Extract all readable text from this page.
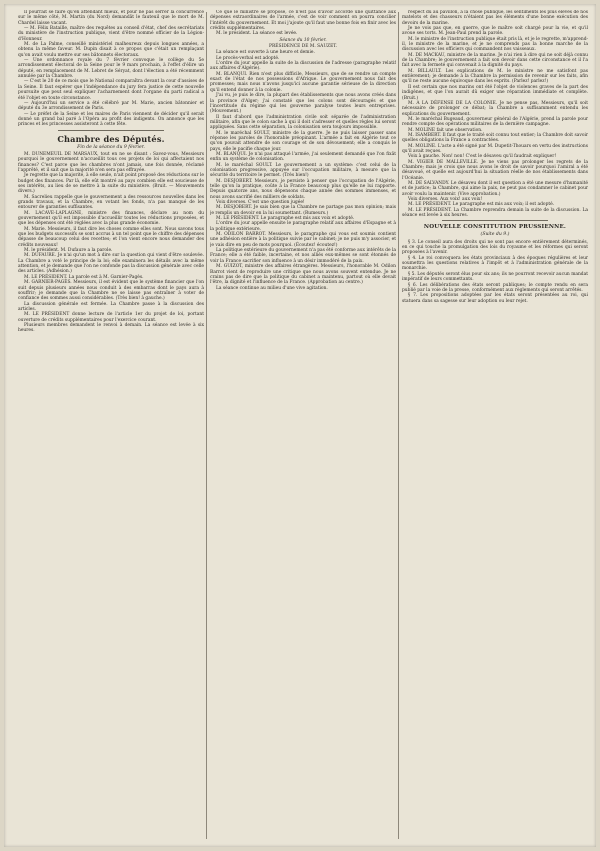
Il pourrait se faire qu'en attendant mieux, et pour ne pas serrer la concurrence sur le même côté, M. Martin (du Nord) demandât le fauteuil que le mort de M. Chardel laisse vacant.

— M. Félix Bataille, maître des requêtes au conseil d'état, chef des secrétariats du ministère de l'instruction publique, vient d'être nommé officier de la Légion-d'Honneur.

M. de La Palme, conseillé ministériel malheureux depuis longues années, a obtenu la même faveur. M. Dupin disait à ce propos que c'était un remplaçant qu'on avait voulu mettre sur ses bâtonnets électoraux.

— Une ordonnance royale du 7 février convoque le collège du 5e arrondissement électoral de la Seine pour le 9 mars prochain, à l'effet d'élire un député, en remplacement de M. Lebret de Séryat, dont l'élection a été récemment annulée par la Chambre.

— C'est le 20 de ce mois que le National comparaîtra devant la cour d'assises de la Seine. Il faut espérer que l'indépendance du jury fera justice de cette nouvelle poursuite que peut seul expliquer l'acharnement dont l'organe du parti radical a été l'objet en toute circonstance.

— Aujourd'hui un service a été célébré par M. Marie, ancien bâtonnier et député du 3e arrondissement de Paris.

— Le préfet de la Seine et les maires de Paris viennent de décider qu'il serait donné un grand bal paré à l'Opéra au profit des indigents. On annonce que les princes et les princesses assisteront à cette fête.

Chambre des Députés.
Fin de la séance du 9 février.

M. DUNEMEUIL DE MARSAUX, tout en ne se disant : Savez-vous, Messieurs pourquoi le gouvernement n'accueillit tous ces projets de loi qui affectaient nos finances? C'est parce que les chambres n'ont jamais, une fois donnée, réclamé l'apprêté, et il sait que la majorité n'en sera pas effrayée.

Je regrette que la majorité, à elle seule, n'ait point proposé des réductions sur le budget des finances. Par là, elle eût montré au pays combien elle est soucieuse de ses intérêts, au lieu de se mettre à la suite du ministère. (Bruit. — Mouvements divers.)

M. Sacrelieu rappelle que le gouvernement a des ressources nouvelles dans les grands travaux, et la Chambre, en votant les fonds, n'a pas manqué de les entourer de garanties suffisantes.

M. LACAVE-LAPLAGNE, ministre des finances, déclare au nom du gouvernement qu'il est impossible d'accueillir toutes les réductions proposées, et que les dépenses ont été réglées avec la plus grande économie.

M. Marie. Messieurs, il faut dire les choses comme elles sont. Nous savons tous que les budgets successifs se sont accrus à un tel point que le chiffre des dépenses dépasse de beaucoup celui des recettes; et l'on vient encore nous demander des crédits nouveaux!

M. le président. M. Dufaure a la parole.

M. DUFAURE. Je n'ai qu'un mot à dire sur la question qui vient d'être soulevée. La Chambre a voté le principe de la loi; elle examinera les détails avec la même attention, et je demande que l'on ne confonde pas la discussion générale avec celle des articles. (Adhésion.)

M. LE PRÉSIDENT. La parole est à M. Garnier-Pagès.

M. GARNIER-PAGÈS. Messieurs, il est évident que le système financier que l'on suit depuis plusieurs années nous conduit à des embarras dont le pays aura à souffrir; je demande que la Chambre ne se laisse pas entraîner à voter de confiance des sommes aussi considérables. (Très bien! à gauche.)

La discussion générale est fermée. La Chambre passe à la discussion des articles.

M. LE PRÉSIDENT donne lecture de l'article 1er du projet de loi, portant ouverture de crédits supplémentaires pour l'exercice courant.

Plusieurs membres demandent le renvoi à demain. La séance est levée à six heures.

Ce que le ministre se propose, ce n'est pas d'avoir accordé une quittance aux dépenses extraordinaires de l'armée, c'est de voir comment on pourra concilier l'intérêt du gouvernement. Et moi j'ajoute qu'il faut une bonne fois en finir avec les crédits supplémentaires.

M. le président. La séance est levée.

Séance du 10 février.
PRÉSIDENCE DE M. SAUZET.

La séance est ouverte à une heure et demie.

Le procès-verbal est adopté.

L'ordre du jour appelle la suite de la discussion de l'adresse (paragraphe relatif aux affaires d'Algérie).

M. BLANQUI. Rien n'est plus difficile, Messieurs, que de se rendre un compte exact de l'état de nos possessions d'Afrique. Le gouvernement nous fait des promesses; mais nous n'avons jusqu'ici aucune garantie sérieuse de la direction qu'il entend donner à la colonie.

J'ai vu, je puis le dire, la plupart des établissements que nous avons créés dans la province d'Alger; j'ai constaté que les colons sont découragés et que l'incertitude du régime qui les gouverne paralyse toutes leurs entreprises. (Mouvement.)

Il faut d'abord que l'administration civile soit séparée de l'administration militaire, afin que le colon sache à qui il doit s'adresser et quelles règles lui seront appliquées. Sans cette séparation, la colonisation sera toujours impossible.

M. le maréchal SOULT, ministre de la guerre. Je ne puis laisser passer sans réponse les paroles de l'honorable préopinant. L'armée a fait en Algérie tout ce qu'on pouvait attendre de son courage et de son dévouement; elle a conquis le pays, elle le pacifie chaque jour.

M. BLANQUI. Je n'ai pas attaqué l'armée, j'ai seulement demandé que l'on fixât enfin un système de colonisation.

M. le maréchal SOULT. Le gouvernement a un système: c'est celui de la colonisation progressive, appuyée sur l'occupation militaire, à mesure que la sécurité du territoire le permet. (Très bien!)

M. DESJOBERT. Messieurs, je persiste à penser que l'occupation de l'Algérie, telle qu'on la pratique, coûte à la France beaucoup plus qu'elle ne lui rapporte. Depuis quatorze ans, nous dépensons chaque année des sommes immenses, et nous avons sacrifié des milliers de soldats.

Voix diverses. C'est une question jugée!

M. DESJOBERT. Je sais bien que la Chambre ne partage pas mon opinion; mais je remplis un devoir en la lui soumettant. (Rumeurs.)

M. LE PRÉSIDENT. Le paragraphe est mis aux voix et adopté.

L'ordre du jour appelle ensuite le paragraphe relatif aux affaires d'Espagne et à la politique extérieure.

M. ODILON BARROT. Messieurs, le paragraphe qui vous est soumis contient une adhésion entière à la politique suivie par le cabinet; je ne puis m'y associer, et je vais dire en peu de mots pourquoi. (Écoutez! écoutez!)

La politique extérieure du gouvernement n'a pas été conforme aux intérêts de la France; elle a été faible, incertaine, et nos alliés eux-mêmes se sont étonnés de voir la France sacrifier son influence à un désir immodéré de la paix.

M. GUIZOT, ministre des affaires étrangères. Messieurs, l'honorable M. Odilon Barrot vient de reproduire une critique que nous avons souvent entendue. Je ne crains pas de dire que la politique du cabinet a maintenu, partout où elle devait l'être, la dignité et l'influence de la France. (Approbation au centre.)

La séance continue au milieu d'une vive agitation.

respect dû au pavillon, à la chose publique, les sentiments les plus élevés de nos matelots et des chasseurs n'étaient pas les éléments d'une bonne exécution des devoirs de la marine.

Je ne vois pas que, en guerre, que le maître soit chargé pour la vie, et qu'il avoue ses torts. M. Jean-Paul prend la parole.

M. le ministre de l'instruction publique était pris là, et je le regrette, m'apprend-il, le ministre de la marine, et je ne comprends pas la bonne marche de la discussion avec les officiers qui commandent nos vaisseaux.

M. DE MACKAU, ministre de la marine. Je n'ai rien à dire qui ne soit déjà connu de la Chambre; le gouvernement a fait son devoir dans cette circonstance et il l'a fait avec la fermeté qui convenait à la dignité du pays.

M. BILLAULT. Les explications de M. le ministre ne me satisfont pas entièrement; je demande à la Chambre la permission de revenir sur les faits, afin qu'il ne reste aucune équivoque dans les esprits. (Parlez! parlez!)

Il est certain que nos marins ont été l'objet de violences graves de la part des indigènes, et que l'on aurait dû exiger une réparation immédiate et complète. (Bruit.)

M. A LA DÉFENSE DE LA COLONIE. Je ne pense pas, Messieurs, qu'il soit nécessaire de prolonger ce débat; la Chambre a suffisamment entendu les explications du gouvernement.

M. le maréchal Bugeaud, gouverneur général de l'Algérie, prend la parole pour rendre compte des opérations militaires de la dernière campagne.

M. MOLINE fait une observation.

M. ISAMBERT. Il faut que le traité soit connu tout entier; la Chambre doit savoir quelles obligations la France a contractées.

M. MOLINE. L'acte a été signé par M. Dupetit-Thouars en vertu des instructions qu'il avait reçues.

Voix à gauche. Non! non! C'est le désaveu qu'il faudrait expliquer!

M. VIGIER DE MALLEVILLE. Je ne viens pas prolonger les regrets de la Chambre; mais je crois que nous avons le droit de savoir pourquoi l'amiral a été désavoué, et quelle est aujourd'hui la situation réelle de nos établissements dans l'Océanie.

M. DE SALVANDY. Le désaveu dont il est question a été une mesure d'humanité et de justice; la Chambre, qui aime la paix, ne peut pas condamner le cabinet pour avoir voulu la maintenir. (Vive approbation.)

Voix diverses. Aux voix! aux voix!

M. LE PRÉSIDENT. Le paragraphe est mis aux voix; il est adopté.

M. LE PRÉSIDENT. La Chambre reprendra demain la suite de la discussion. La séance est levée à six heures.

NOUVELLE CONSTITUTION PRUSSIENNE.
(Suite du 9.)

§ 3. Le conseil aura des droits qui ne sont pas encore entièrement déterminés, en ce qui touche la promulgation des lois du royaume et les réformes qui seront proposées à l'avenir.

§ 4. Le roi convoquera les états provinciaux à des époques régulières et leur soumettra les questions relatives à l'impôt et à l'administration générale de la monarchie.

§ 5. Les députés seront élus pour six ans; ils ne pourront recevoir aucun mandat impératif de leurs commettants.

§ 6. Les délibérations des états seront publiques; le compte rendu en sera publié par la voie de la presse, conformément aux règlements qui seront arrêtés.

§ 7. Les propositions adoptées par les états seront présentées au roi, qui statuera dans sa sagesse sur leur adoption ou leur rejet.
